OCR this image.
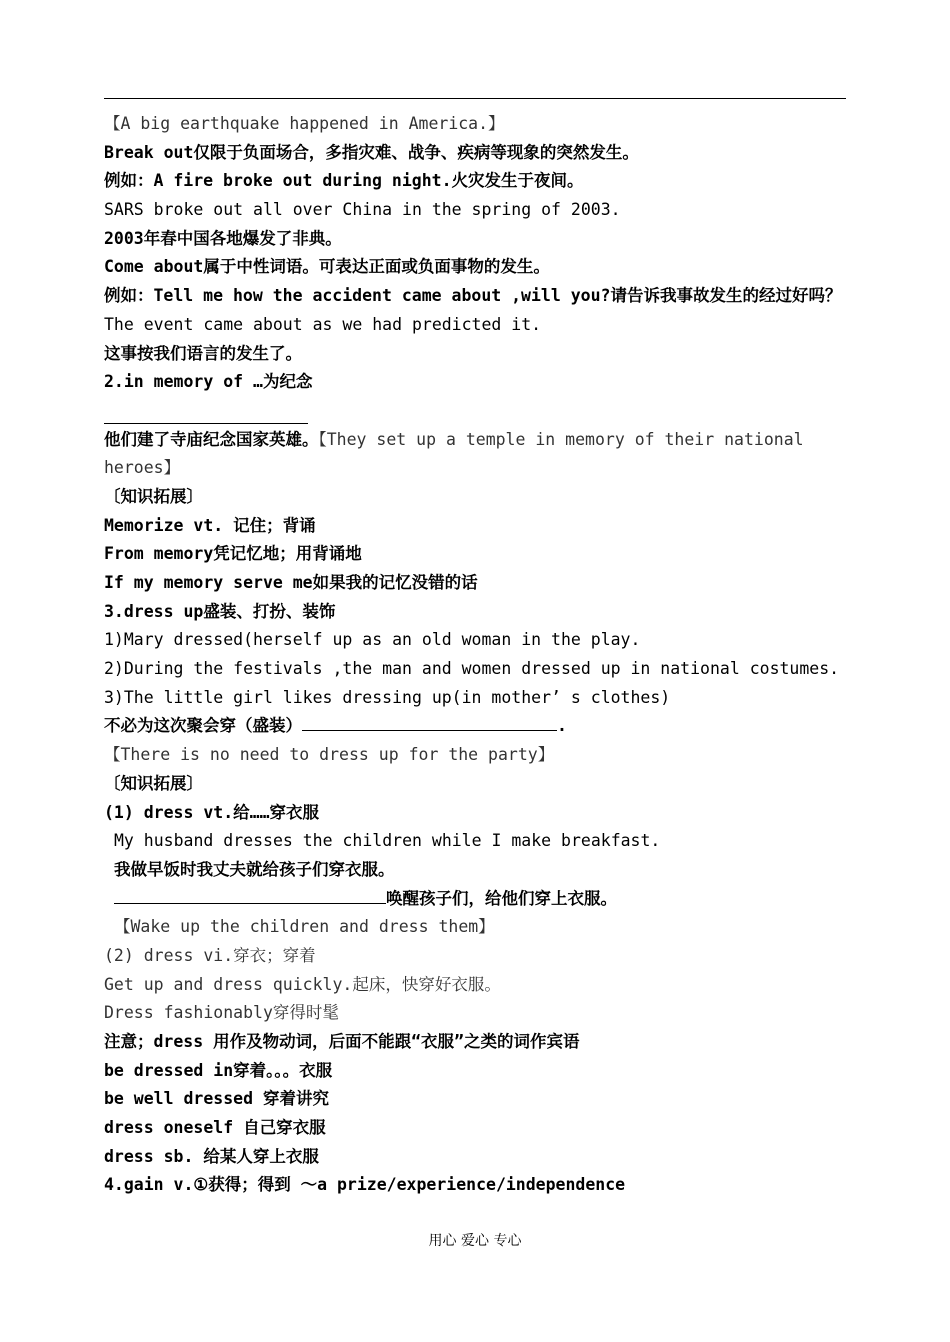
【A big earthquake happened in America.】
Break out仅限于负面场合，多指灾难、战争、疾病等现象的突然发生。
例如：A fire broke out during night.火灾发生于夜间。
SARS broke out all over China in the spring of 2003.
2003年春中国各地爆发了非典。
Come about属于中性词语。可表达正面或负面事物的发生。
例如：Tell me how the accident came about ,will you?请告诉我事故发生的经过好吗？
The event came about as we had predicted it.
这事按我们语言的发生了。
2.in memory of …为纪念
他们建了寺庙纪念国家英雄。【They set up a temple in memory of their national heroes】
〔知识拓展〕
Memorize vt. 记住；背诵
From memory凭记忆地；用背诵地
If my memory serve me如果我的记忆没错的话
3.dress up盛装、打扮、装饰
1)Mary dressed(herself up as an old woman in the play.
2)During the festivals ,the man and women dressed up in national costumes.
3)The little girl likes dressing up(in mother’ s clothes)
不必为这次聚会穿（盛装）	.
【There is no need to dress up for the party】
〔知识拓展〕
(1) dress vt.给……穿衣服
My husband dresses the children while I make breakfast.
我做早饭时我丈夫就给孩子们穿衣服。
唤醒孩子们，给他们穿上衣服。
【Wake up the children and dress them】
(2) dress vi.穿衣；穿着
Get up and dress quickly.起床，快穿好衣服。
Dress fashionably穿得时髦
注意；dress 用作及物动词，后面不能跟“衣服”之类的词作宾语
be dressed in穿着。。。衣服
be well dressed 穿着讲究
dress oneself 自己穿衣服
dress sb. 给某人穿上衣服
4.gain v.①获得；得到 ～a prize/experience/independence
用心 爱心 专心
